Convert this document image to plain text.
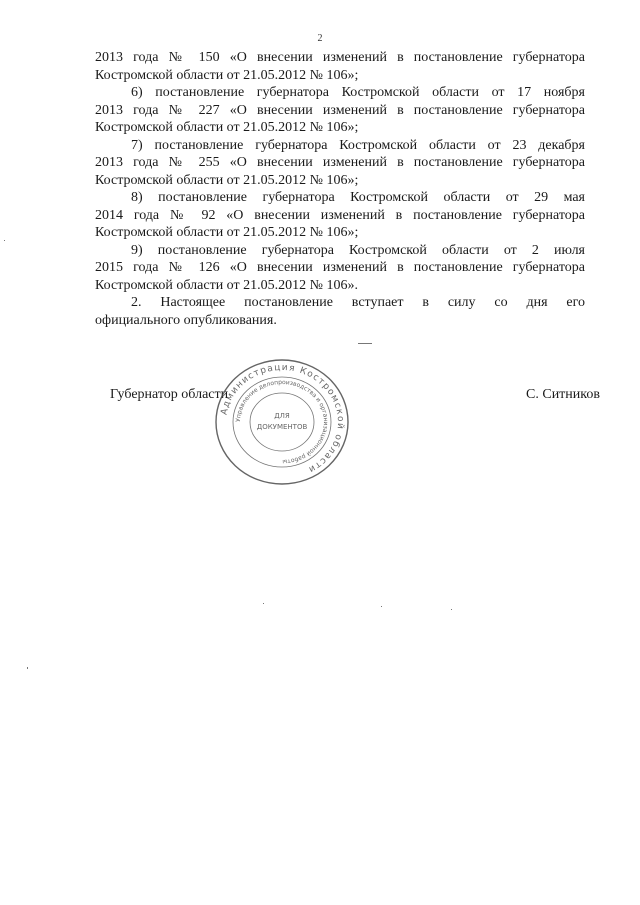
2

2013 года № 150 «О внесении изменений в постановление губернатора

Костромской области от 21.05.2012 № 106»;

6) постановление губернатора Костромской области от 17 ноября

2013 года № 227 «О внесении изменений в постановление губернатора

Костромской области от 21.05.2012 № 106»;

7) постановление губернатора Костромской области от 23 декабря

2013 года № 255 «О внесении изменений в постановление губернатора

Костромской области от 21.05.2012 № 106»;

8) постановление губернатора Костромской области от 29 мая

2014 года № 92 «О внесении изменений в постановление губернатора

Костромской области от 21.05.2012 № 106»;

9) постановление губернатора Костромской области от 2 июля

2015 года № 126 «О внесении изменений в постановление губернатора

Костромской области от 21.05.2012 № 106».

2. Настоящее постановление вступает в силу со дня его

официального опубликования.

Губернатор области	С. Ситников
Администрация Костромской области
Управление делопроизводства и организационной работы
ДЛЯ
ДОКУМЕНТОВ
